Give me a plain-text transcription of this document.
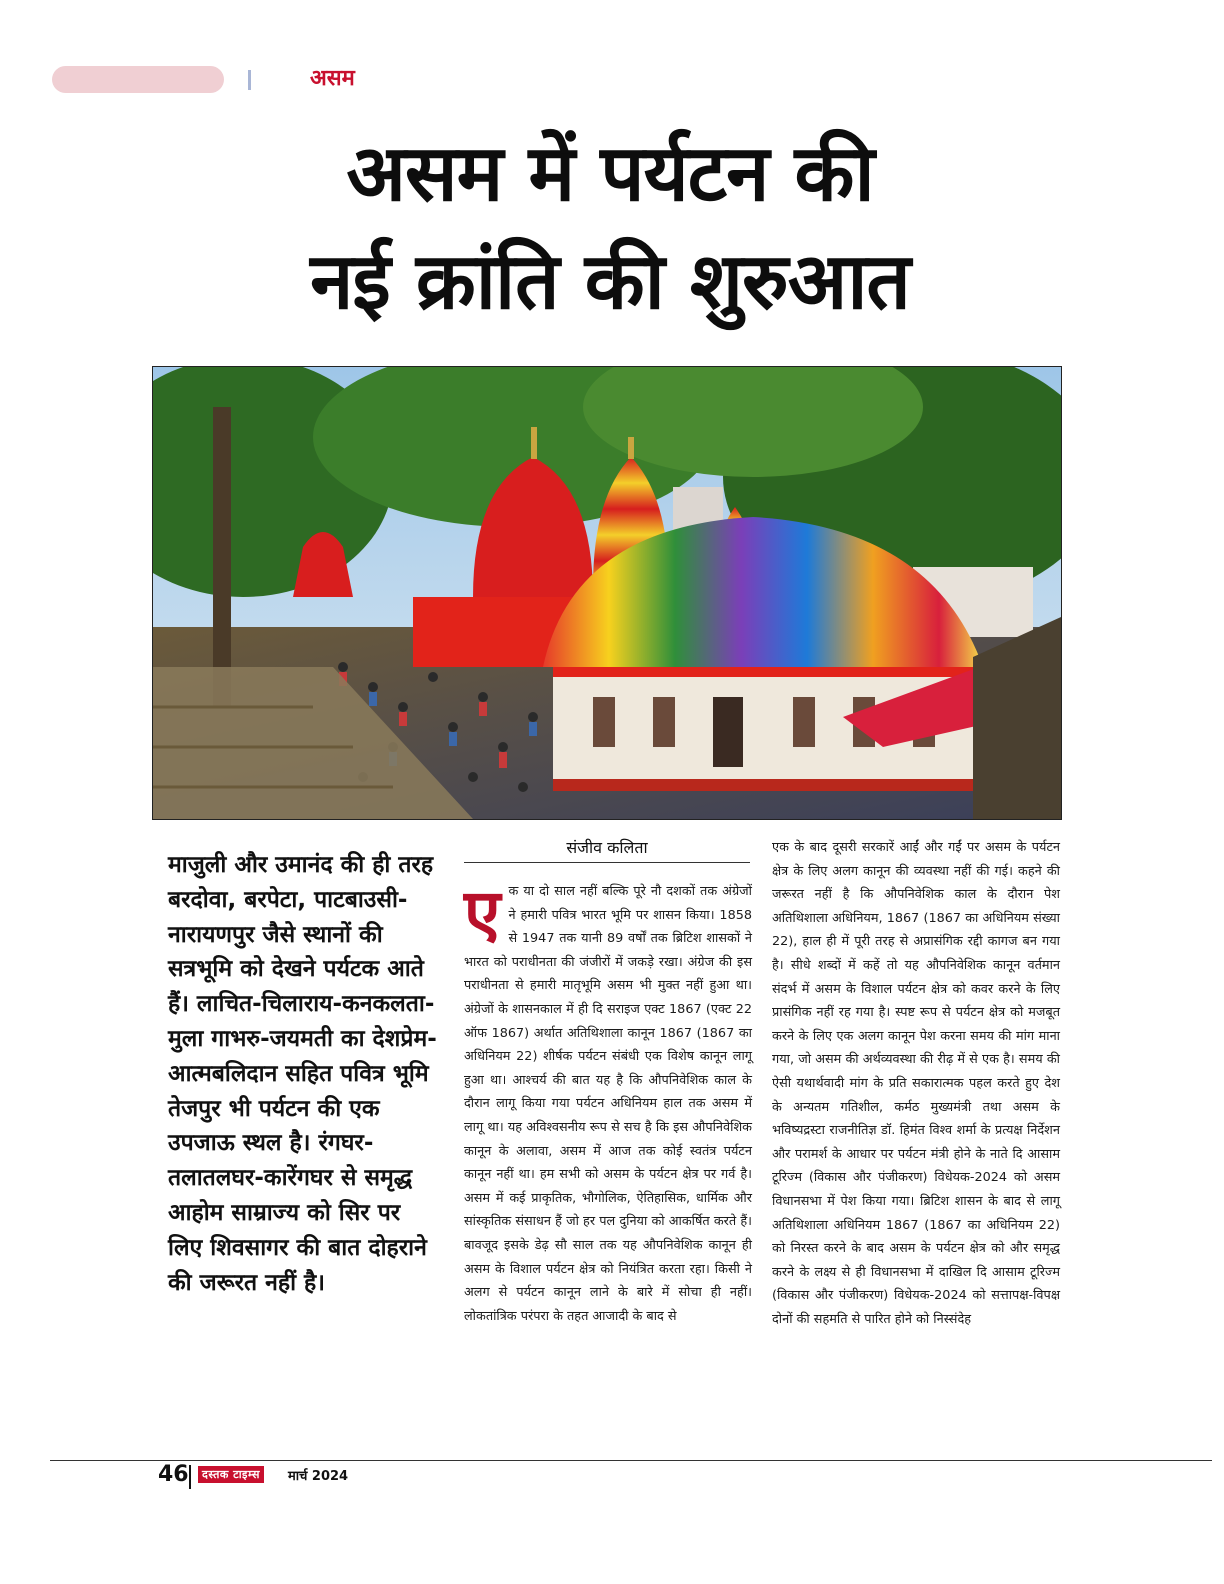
असम
असम में पर्यटन की
नई क्रांति की शुरुआत
माजुली और उमानंद की ही तरह बरदोवा, बरपेटा, पाटबाउसी-नारायणपुर जैसे स्थानों की सत्रभूमि को देखने पर्यटक आते हैं। लाचित-चिलाराय-कनकलता-मुला गाभरु-जयमती का देशप्रेम-आत्मबलिदान सहित पवित्र भूमि तेजपुर भी पर्यटन की एक उपजाऊ स्थल है। रंगघर-तलातलघर-कारेंगघर से समृद्ध आहोम साम्राज्य को सिर पर लिए शिवसागर की बात दोहराने की जरूरत नहीं है।
संजीव कलिता
एक या दो साल नहीं बल्कि पूरे नौ दशकों तक अंग्रेजों ने हमारी पवित्र भारत भूमि पर शासन किया। 1858 से 1947 तक यानी 89 वर्षों तक ब्रिटिश शासकों ने भारत को पराधीनता की जंजीरों में जकड़े रखा। अंग्रेज की इस पराधीनता से हमारी मातृभूमि असम भी मुक्त नहीं हुआ था। अंग्रेजों के शासनकाल में ही दि सराइज एक्ट 1867 (एक्ट 22 ऑफ 1867) अर्थात अतिथिशाला कानून 1867 (1867 का अधिनियम 22) शीर्षक पर्यटन संबंधी एक विशेष कानून लागू हुआ था। आश्चर्य की बात यह है कि औपनिवेशिक काल के दौरान लागू किया गया पर्यटन अधिनियम हाल तक असम में लागू था। यह अविश्वसनीय रूप से सच है कि इस औपनिवेशिक कानून के अलावा, असम में आज तक कोई स्वतंत्र पर्यटन कानून नहीं था। हम सभी को असम के पर्यटन क्षेत्र पर गर्व है। असम में कई प्राकृतिक, भौगोलिक, ऐतिहासिक, धार्मिक और सांस्कृतिक संसाधन हैं जो हर पल दुनिया को आकर्षित करते हैं। बावजूद इसके डेढ़ सौ साल तक यह औपनिवेशिक कानून ही असम के विशाल पर्यटन क्षेत्र को नियंत्रित करता रहा। किसी ने अलग से पर्यटन कानून लाने के बारे में सोचा ही नहीं। लोकतांत्रिक परंपरा के तहत आजादी के बाद से
एक के बाद दूसरी सरकारें आईं और गईं पर असम के पर्यटन क्षेत्र के लिए अलग कानून की व्यवस्था नहीं की गई। कहने की जरूरत नहीं है कि औपनिवेशिक काल के दौरान पेश अतिथिशाला अधिनियम, 1867 (1867 का अधिनियम संख्या 22), हाल ही में पूरी तरह से अप्रासंगिक रद्दी कागज बन गया है। सीधे शब्दों में कहें तो यह औपनिवेशिक कानून वर्तमान संदर्भ में असम के विशाल पर्यटन क्षेत्र को कवर करने के लिए प्रासंगिक नहीं रह गया है। स्पष्ट रूप से पर्यटन क्षेत्र को मजबूत करने के लिए एक अलग कानून पेश करना समय की मांग माना गया, जो असम की अर्थव्यवस्था की रीढ़ में से एक है। समय की ऐसी यथार्थवादी मांग के प्रति सकारात्मक पहल करते हुए देश के अन्यतम गतिशील, कर्मठ मुख्यमंत्री तथा असम के भविष्यद्रस्टा राजनीतिज्ञ डॉ. हिमंत विश्व शर्मा के प्रत्यक्ष निर्देशन और परामर्श के आधार पर पर्यटन मंत्री होने के नाते दि आसाम टूरिज्म (विकास और पंजीकरण) विधेयक-2024 को असम विधानसभा में पेश किया गया। ब्रिटिश शासन के बाद से लागू अतिथिशाला अधिनियम 1867 (1867 का अधिनियम 22) को निरस्त करने के बाद असम के पर्यटन क्षेत्र को और समृद्ध करने के लक्ष्य से ही विधानसभा में दाखिल दि आसाम टूरिज्म (विकास और पंजीकरण) विधेयक-2024 को सत्तापक्ष-विपक्ष दोनों की सहमति से पारित होने को निस्संदेह
46	दस्तक टाइम्स	मार्च 2024
